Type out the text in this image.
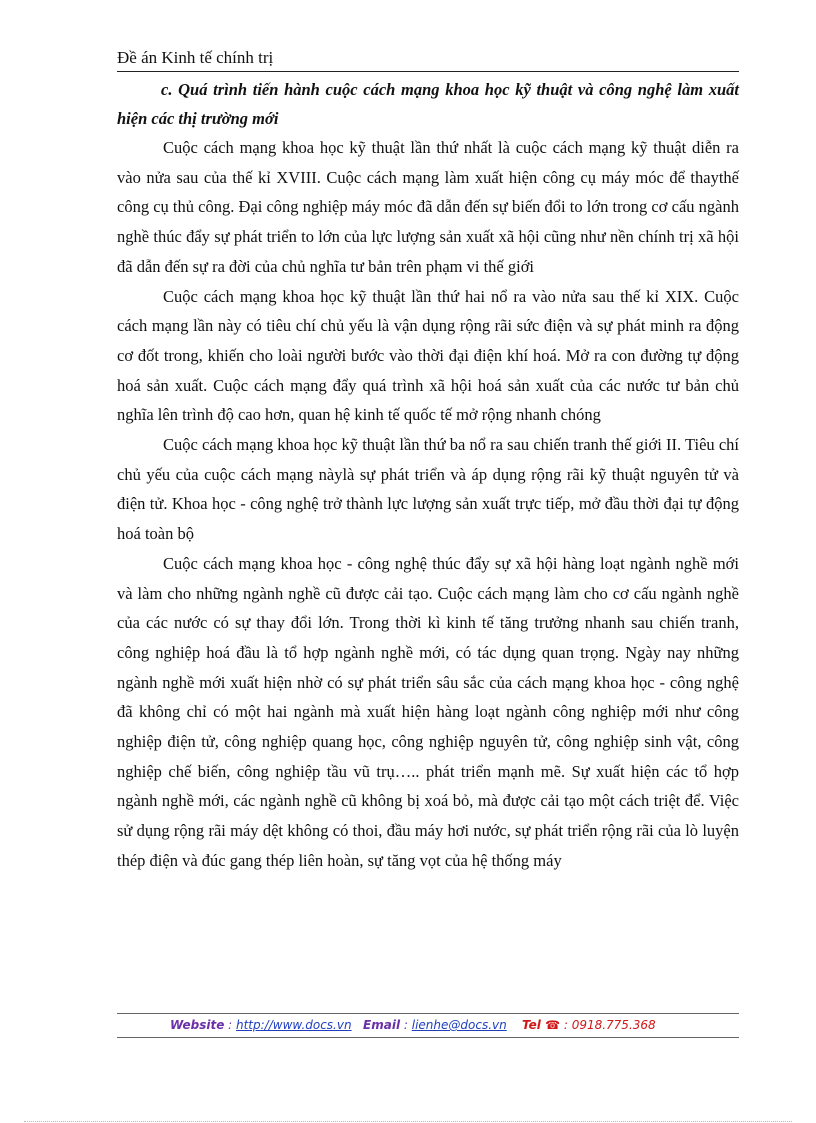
Đề án Kinh tế chính trị

c. Quá trình tiến hành cuộc cách mạng khoa học kỹ thuật và công nghệ làm xuất hiện các thị trường mới

Cuộc cách mạng khoa học kỹ thuật lần thứ nhất là cuộc cách mạng kỹ thuật diễn ra vào nửa sau của thế kỉ XVIII. Cuộc cách mạng làm xuất hiện công cụ máy móc để thaythế công cụ thủ công. Đại công nghiệp máy móc đã dẫn đến sự biến đổi to lớn trong cơ cấu ngành nghề thúc đẩy sự phát triển to lớn của lực lượng sản xuất xã hội cũng như nền chính trị xã hội đã dẫn đến sự ra đời của chủ nghĩa tư bản trên phạm vi thế giới

Cuộc cách mạng khoa học kỹ thuật lần thứ hai nổ ra vào nửa sau thế kỉ XIX. Cuộc cách mạng lần này có tiêu chí chủ yếu là vận dụng rộng rãi sức điện và sự phát minh ra động cơ đốt trong, khiến cho loài người bước vào thời đại điện khí hoá. Mở ra con đường tự động hoá sản xuất. Cuộc cách mạng đẩy quá trình xã hội hoá sản xuất của các nước tư bản chủ nghĩa lên trình độ cao hơn, quan hệ kinh tế quốc tế mở rộng nhanh chóng

Cuộc cách mạng khoa học kỹ thuật lần thứ ba nổ ra sau chiến tranh thế giới II. Tiêu chí chủ yếu của cuộc cách mạng nàylà sự phát triển và áp dụng rộng rãi kỹ thuật nguyên tử và điện tử. Khoa học - công nghệ trở thành lực lượng sản xuất trực tiếp, mở đầu thời đại tự động hoá toàn bộ

Cuộc cách mạng khoa học - công nghệ thúc đẩy sự xã hội hàng loạt ngành nghề mới và làm cho những ngành nghề cũ được cải tạo. Cuộc cách mạng làm cho cơ cấu ngành nghề của các nước có sự thay đổi lớn. Trong thời kì kinh tế tăng trưởng nhanh sau chiến tranh, công nghiệp hoá đầu là tổ hợp ngành nghề mới, có tác dụng quan trọng. Ngày nay những ngành nghề mới xuất hiện nhờ có sự phát triển sâu sắc của cách mạng khoa học - công nghệ đã không chỉ có một hai ngành mà xuất hiện hàng loạt ngành công nghiệp mới như công nghiệp điện tử, công nghiệp quang học, công nghiệp nguyên tử, công nghiệp sinh vật, công nghiệp chế biến, công nghiệp tầu vũ trụ….. phát triển mạnh mẽ. Sự xuất hiện các tổ hợp ngành nghề mới, các ngành nghề cũ không bị xoá bỏ, mà được cải tạo một cách triệt để. Việc sử dụng rộng rãi máy dệt không có thoi, đầu máy hơi nước, sự phát triển rộng rãi của lò luyện thép điện và đúc gang thép liên hoàn, sự tăng vọt của hệ thống máy

Website : http://www.docs.vn Email : lienhe@docs.vn Tel ☎ : 0918.775.368
